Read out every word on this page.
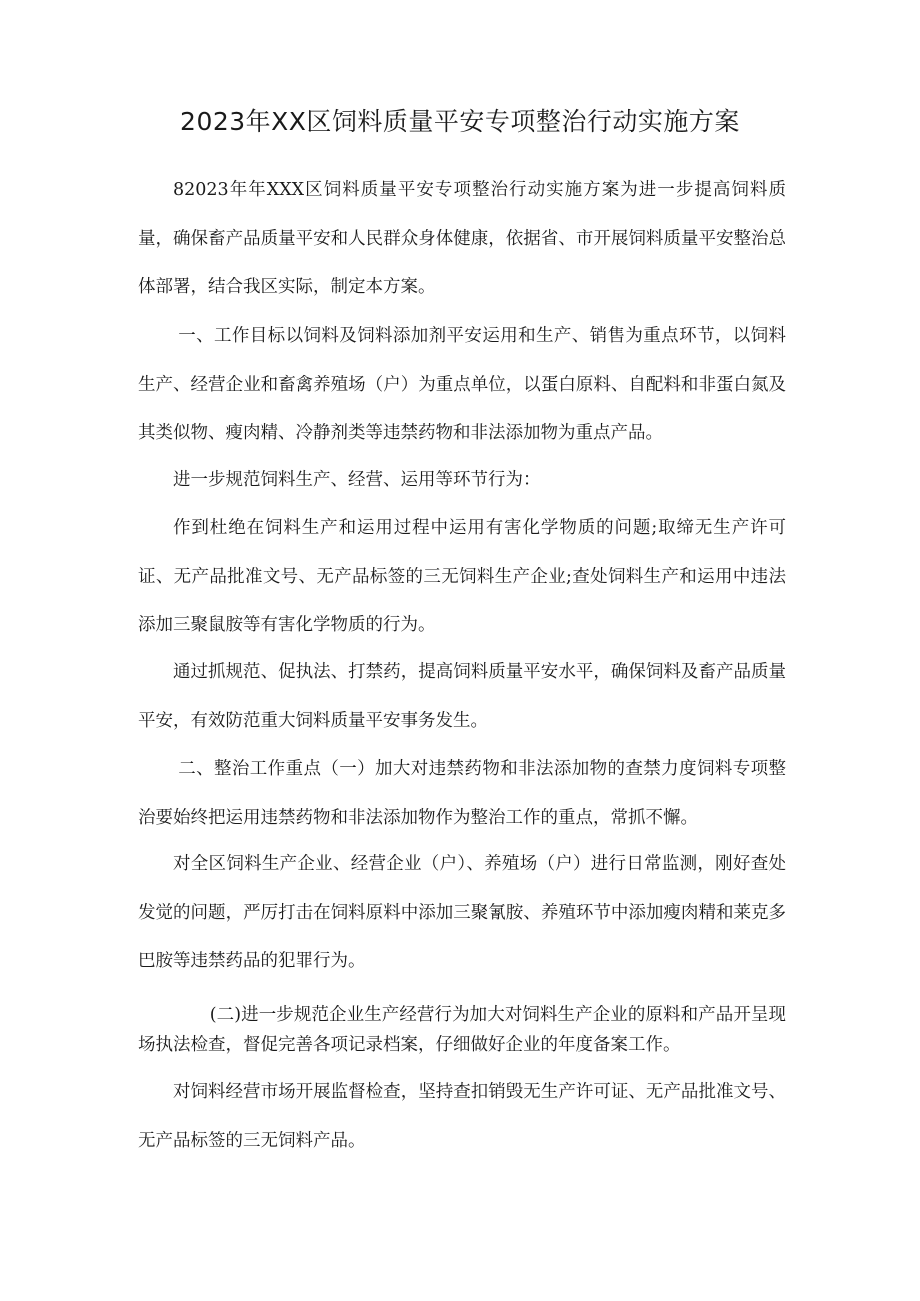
2023年XX区饲料质量平安专项整治行动实施方案

82023年年XXX区饲料质量平安专项整治行动实施方案为进一步提高饲料质量，确保畜产品质量平安和人民群众身体健康，依据省、市开展饲料质量平安整治总体部署，结合我区实际，制定本方案。

一、工作目标以饲料及饲料添加剂平安运用和生产、销售为重点环节，以饲料生产、经营企业和畜禽养殖场（户）为重点单位，以蛋白原料、自配料和非蛋白氮及其类似物、瘦肉精、冷静剂类等违禁药物和非法添加物为重点产品。

进一步规范饲料生产、经营、运用等环节行为：

作到杜绝在饲料生产和运用过程中运用有害化学物质的问题;取缔无生产许可证、无产品批准文号、无产品标签的三无饲料生产企业;查处饲料生产和运用中违法添加三聚鼠胺等有害化学物质的行为。

通过抓规范、促执法、打禁药，提高饲料质量平安水平，确保饲料及畜产品质量平安，有效防范重大饲料质量平安事务发生。

二、整治工作重点（一）加大对违禁药物和非法添加物的查禁力度饲料专项整治要始终把运用违禁药物和非法添加物作为整治工作的重点，常抓不懈。

对全区饲料生产企业、经营企业（户）、养殖场（户）进行日常监测，刚好查处发觉的问题，严厉打击在饲料原料中添加三聚氰胺、养殖环节中添加瘦肉精和莱克多巴胺等违禁药品的犯罪行为。

(二)进一步规范企业生产经营行为加大对饲料生产企业的原料和产品开呈现场执法检查，督促完善各项记录档案，仔细做好企业的年度备案工作。

对饲料经营市场开展监督检查，坚持查扣销毁无生产许可证、无产品批准文号、无产品标签的三无饲料产品。
